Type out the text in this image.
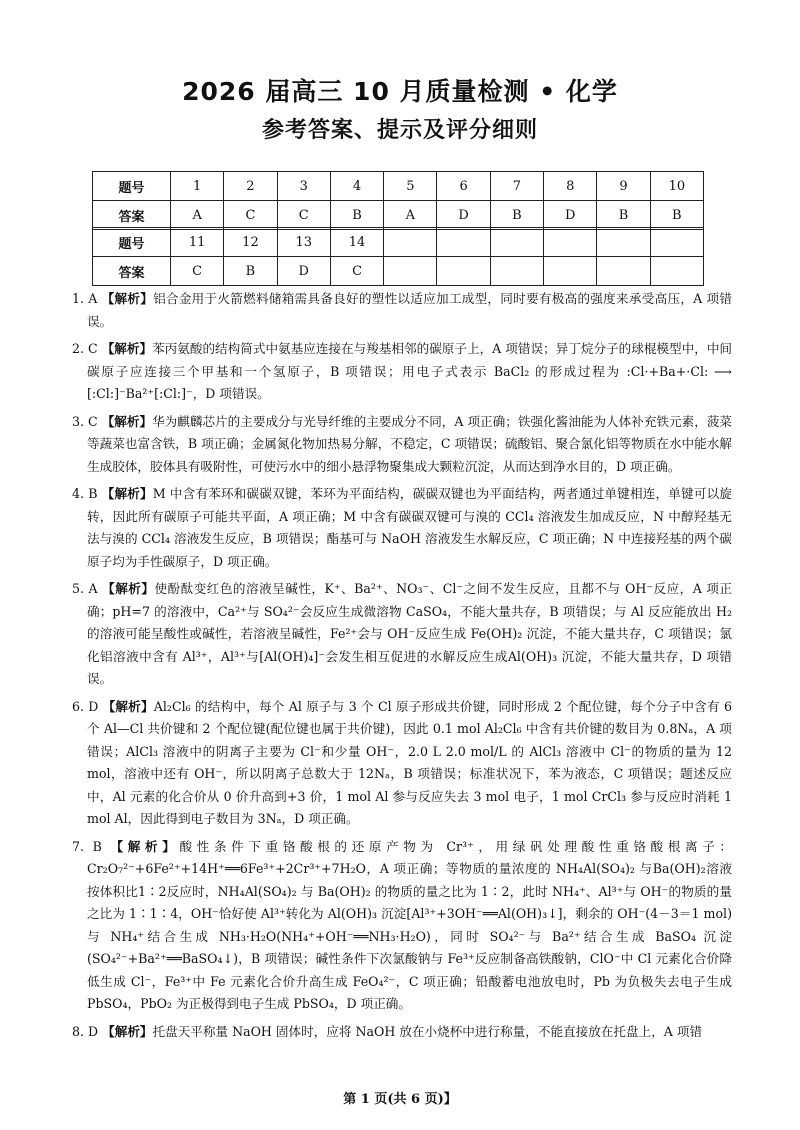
2026 届高三 10 月质量检测 • 化学
参考答案、提示及评分细则
题号	1	2	3	4	5	6	7	8	9	10
答案	A	C	C	B	A	D	B	D	B	B
题号	11	12	13	14						
答案	C	B	D	C						
1. A 【解析】铝合金用于火箭燃料储箱需具备良好的塑性以适应加工成型，同时要有极高的强度来承受高压，A 项错误。
2. C 【解析】苯丙氨酸的结构简式中氨基应连接在与羧基相邻的碳原子上，A 项错误；异丁烷分子的球棍模型中，中间碳原子应连接三个甲基和一个氢原子，B 项错误；用电子式表示 BaCl₂ 的形成过程为 :Cl·+Ba+·Cl: ⟶ [:Cl:]⁻Ba²⁺[:Cl:]⁻，D 项错误。
3. C 【解析】华为麒麟芯片的主要成分与光导纤维的主要成分不同，A 项正确；铁强化酱油能为人体补充铁元素，菠菜等蔬菜也富含铁，B 项正确；金属氮化物加热易分解，不稳定，C 项错误；硫酸铝、聚合氯化铝等物质在水中能水解生成胶体，胶体具有吸附性，可使污水中的细小悬浮物聚集成大颗粒沉淀，从而达到净水目的，D 项正确。
4. B 【解析】M 中含有苯环和碳碳双键，苯环为平面结构，碳碳双键也为平面结构，两者通过单键相连，单键可以旋转，因此所有碳原子可能共平面，A 项正确；M 中含有碳碳双键可与溴的 CCl₄ 溶液发生加成反应，N 中醇羟基无法与溴的 CCl₄ 溶液发生反应，B 项错误；酯基可与 NaOH 溶液发生水解反应，C 项正确；N 中连接羟基的两个碳原子均为手性碳原子，D 项正确。
5. A 【解析】使酚酞变红色的溶液呈碱性，K⁺、Ba²⁺、NO₃⁻、Cl⁻之间不发生反应，且都不与 OH⁻反应，A 项正确；pH=7 的溶液中，Ca²⁺与 SO₄²⁻会反应生成微溶物 CaSO₄，不能大量共存，B 项错误；与 Al 反应能放出 H₂ 的溶液可能呈酸性或碱性，若溶液呈碱性，Fe²⁺会与 OH⁻反应生成 Fe(OH)₂ 沉淀，不能大量共存，C 项错误；氯化铝溶液中含有 Al³⁺，Al³⁺与[Al(OH)₄]⁻会发生相互促进的水解反应生成Al(OH)₃ 沉淀，不能大量共存，D 项错误。
6. D 【解析】Al₂Cl₆ 的结构中，每个 Al 原子与 3 个 Cl 原子形成共价键，同时形成 2 个配位键，每个分子中含有 6 个 Al—Cl 共价键和 2 个配位键(配位键也属于共价键)，因此 0.1 mol Al₂Cl₆ 中含有共价键的数目为 0.8Nₐ，A 项错误；AlCl₃ 溶液中的阴离子主要为 Cl⁻和少量 OH⁻，2.0 L 2.0 mol/L 的 AlCl₃ 溶液中 Cl⁻的物质的量为 12 mol，溶液中还有 OH⁻，所以阴离子总数大于 12Nₐ，B 项错误；标准状况下，苯为液态，C 项错误；题述反应中，Al 元素的化合价从 0 价升高到+3 价，1 mol Al 参与反应失去 3 mol 电子，1 mol CrCl₃ 参与反应时消耗 1 mol Al，因此得到电子数目为 3Nₐ，D 项正确。
7. B 【解析】酸性条件下重铬酸根的还原产物为 Cr³⁺，用绿矾处理酸性重铬酸根离子：Cr₂O₇²⁻+6Fe²⁺+14H⁺══6Fe³⁺+2Cr³⁺+7H₂O，A 项正确；等物质的量浓度的 NH₄Al(SO₄)₂ 与Ba(OH)₂溶液按体积比1∶2反应时，NH₄Al(SO₄)₂ 与 Ba(OH)₂ 的物质的量之比为 1∶2，此时 NH₄⁺、Al³⁺与 OH⁻的物质的量之比为 1∶1∶4，OH⁻恰好使 Al³⁺转化为 Al(OH)₃ 沉淀[Al³⁺+3OH⁻══Al(OH)₃↓]，剩余的 OH⁻(4－3＝1 mol)与 NH₄⁺结合生成 NH₃·H₂O(NH₄⁺+OH⁻══NH₃·H₂O)，同时 SO₄²⁻与 Ba²⁺结合生成 BaSO₄ 沉淀(SO₄²⁻+Ba²⁺══BaSO₄↓)，B 项错误；碱性条件下次氯酸钠与 Fe³⁺反应制备高铁酸钠，ClO⁻中 Cl 元素化合价降低生成 Cl⁻，Fe³⁺中 Fe 元素化合价升高生成 FeO₄²⁻，C 项正确；铅酸蓄电池放电时，Pb 为负极失去电子生成 PbSO₄，PbO₂ 为正极得到电子生成 PbSO₄，D 项正确。
8. D 【解析】托盘天平称量 NaOH 固体时，应将 NaOH 放在小烧杯中进行称量，不能直接放在托盘上，A 项错
第 1 页(共 6 页)】
